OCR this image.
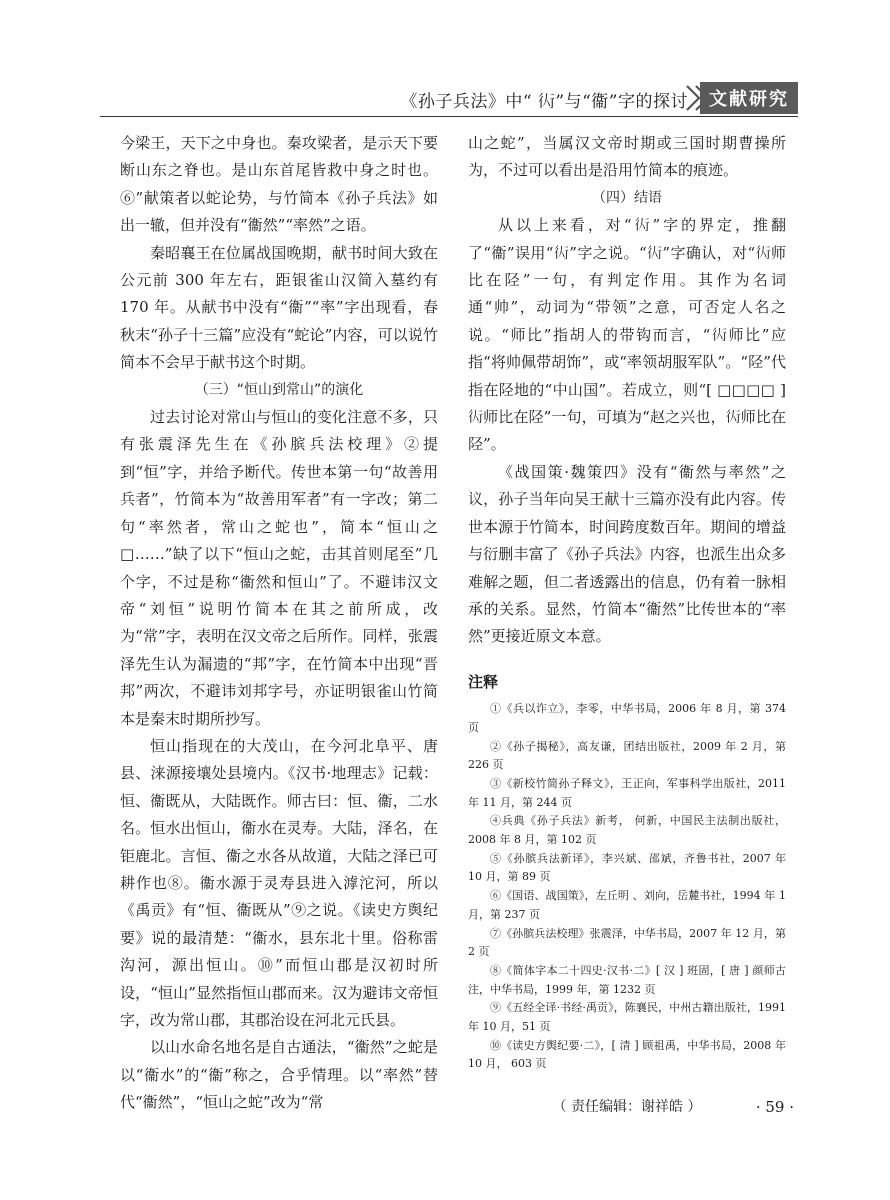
《孙子兵法》中“ 𧗟”与“衞”字的探讨	文献研究

今梁王，天下之中身也。秦攻梁者，是示天下要断山东之脊也。是山东首尾皆救中身之时也。⑥”献策者以蛇论势，与竹简本《孙子兵法》如出一辙，但并没有“衞然”“率然”之语。

秦昭襄王在位属战国晚期，献书时间大致在公元前 300 年左右，距银雀山汉简入墓约有 170 年。从献书中没有“衞”“率”字出现看，春秋末“孙子十三篇”应没有“蛇论”内容，可以说竹简本不会早于献书这个时期。

（三）“恒山到常山”的演化

过去讨论对常山与恒山的变化注意不多，只有张震泽先生在《孙膑兵法校理》②提到“恒”字，并给予断代。传世本第一句“故善用兵者”，竹简本为“故善用军者”有一字改；第二句“率然者，常山之蛇也”，简本“恒山之□……”缺了以下“恒山之蛇，击其首则尾至”几个字，不过是称“衞然和恒山”了。不避讳汉文帝“刘恒”说明竹简本在其之前所成，改为“常”字，表明在汉文帝之后所作。同样，张震泽先生认为漏遗的“邦”字，在竹简本中出现“晋邦”两次，不避讳刘邦字号，亦证明银雀山竹简本是秦末时期所抄写。

恒山指现在的大茂山，在今河北阜平、唐县、涞源接壤处县境内。《汉书·地理志》记载：恒、衞既从，大陆既作。师古曰：恒、衞，二水名。恒水出恒山，衞水在灵寿。大陆，泽名，在钜鹿北。言恒、衞之水各从故道，大陆之泽已可耕作也⑧。衞水源于灵寿县进入滹沱河，所以《禹贡》有“恒、衞既从”⑨之说。《读史方舆纪要》说的最清楚：“衞水，县东北十里。俗称雷沟河，源出恒山。⑩”而恒山郡是汉初时所设，“恒山”显然指恒山郡而来。汉为避讳文帝恒字，改为常山郡，其郡治设在河北元氏县。

以山水命名地名是自古通法，“衞然”之蛇是以“衞水”的“衞”称之，合乎情理。以“率然”替代“衞然”，“恒山之蛇”改为“常

山之蛇”，当属汉文帝时期或三国时期曹操所为，不过可以看出是沿用竹简本的痕迹。

（四）结语

从以上来看，对“𧗟”字的界定，推翻了“衞”误用“𧗟”字之说。“𧗟”字确认，对“𧗟师比在陉”一句，有判定作用。其作为名词通“帅”，动词为“带领”之意，可否定人名之说。“师比”指胡人的带钩而言，“𧗟师比”应指“将帅佩带胡饰”，或“率领胡服军队”。“陉”代指在陉地的“中山国”。若成立，则“[ □□□□ ] 𧗟师比在陉”一句，可填为“赵之兴也，𧗟师比在陉”。

《战国策·魏策四》没有“衞然与率然”之议，孙子当年向吴王献十三篇亦没有此内容。传世本源于竹简本，时间跨度数百年。期间的增益与衍删丰富了《孙子兵法》内容，也派生出众多难解之题，但二者透露出的信息，仍有着一脉相承的关系。显然，竹简本“衞然”比传世本的“率然”更接近原文本意。

注释

①《兵以诈立》，李零，中华书局，2006 年 8 月，第 374 页

②《孙子揭秘》，高友谦，团结出版社，2009 年 2 月，第 226 页

③《新校竹简孙子释文》，王正向，军事科学出版社，2011 年 11 月，第 244 页

④兵典《孙子兵法》新考， 何新，中国民主法制出版社，2008 年 8 月，第 102 页

⑤《孙膑兵法新译》，李兴斌、邵斌，齐鲁书社，2007 年 10 月，第 89 页

⑥《国语、战国策》，左丘明 、刘向，岳麓书社，1994 年 1 月，第 237 页

⑦《孙膑兵法校理》张震泽，中华书局，2007 年 12 月，第 2 页

⑧《简体字本二十四史·汉书·二》[ 汉 ] 班固，[ 唐 ] 颜师古注，中华书局，1999 年，第 1232 页

⑨《五经全译·书经·禹贡》，陈襄民，中州古籍出版社，1991 年 10 月，51 页

⑩《读史方舆纪要·二》，[ 清 ] 顾祖禹，中华书局，2008 年 10 月， 603 页

（ 责任编辑：谢祥皓 ）	· 59 ·
